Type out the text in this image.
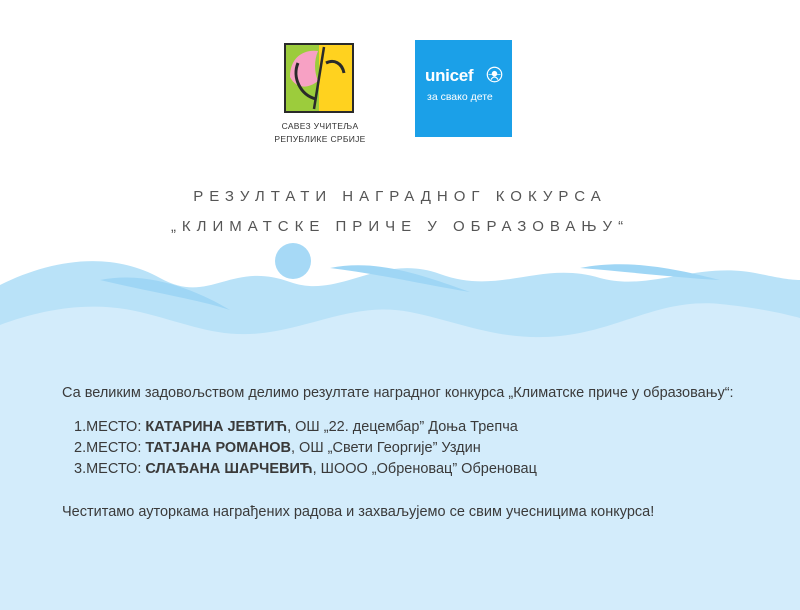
САВЕЗ УЧИТЕЉА
РЕПУБЛИКЕ СРБИЈЕ
unicef
за свако дете
РЕЗУЛТАТИ НАГРАДНОГ КОКУРСА
„КЛИМАТСКЕ ПРИЧЕ У ОБРАЗОВАЊУ“

Са великим задовољством делимо резултате наградног конкурса „Климатске приче у образовању“:

1.МЕСТО: КАТАРИНА ЈЕВТИЋ, ОШ „22. децембар” Доња Трепча
2.МЕСТО: ТАТЈАНА РОМАНОВ, ОШ „Свети Георгије” Уздин
3.МЕСТО: СЛАЂАНА ШАРЧЕВИЋ, ШООО „Обреновац” Обреновац

Честитамо ауторкама награђених радова и захваљујемо се свим учесницима конкурса!
